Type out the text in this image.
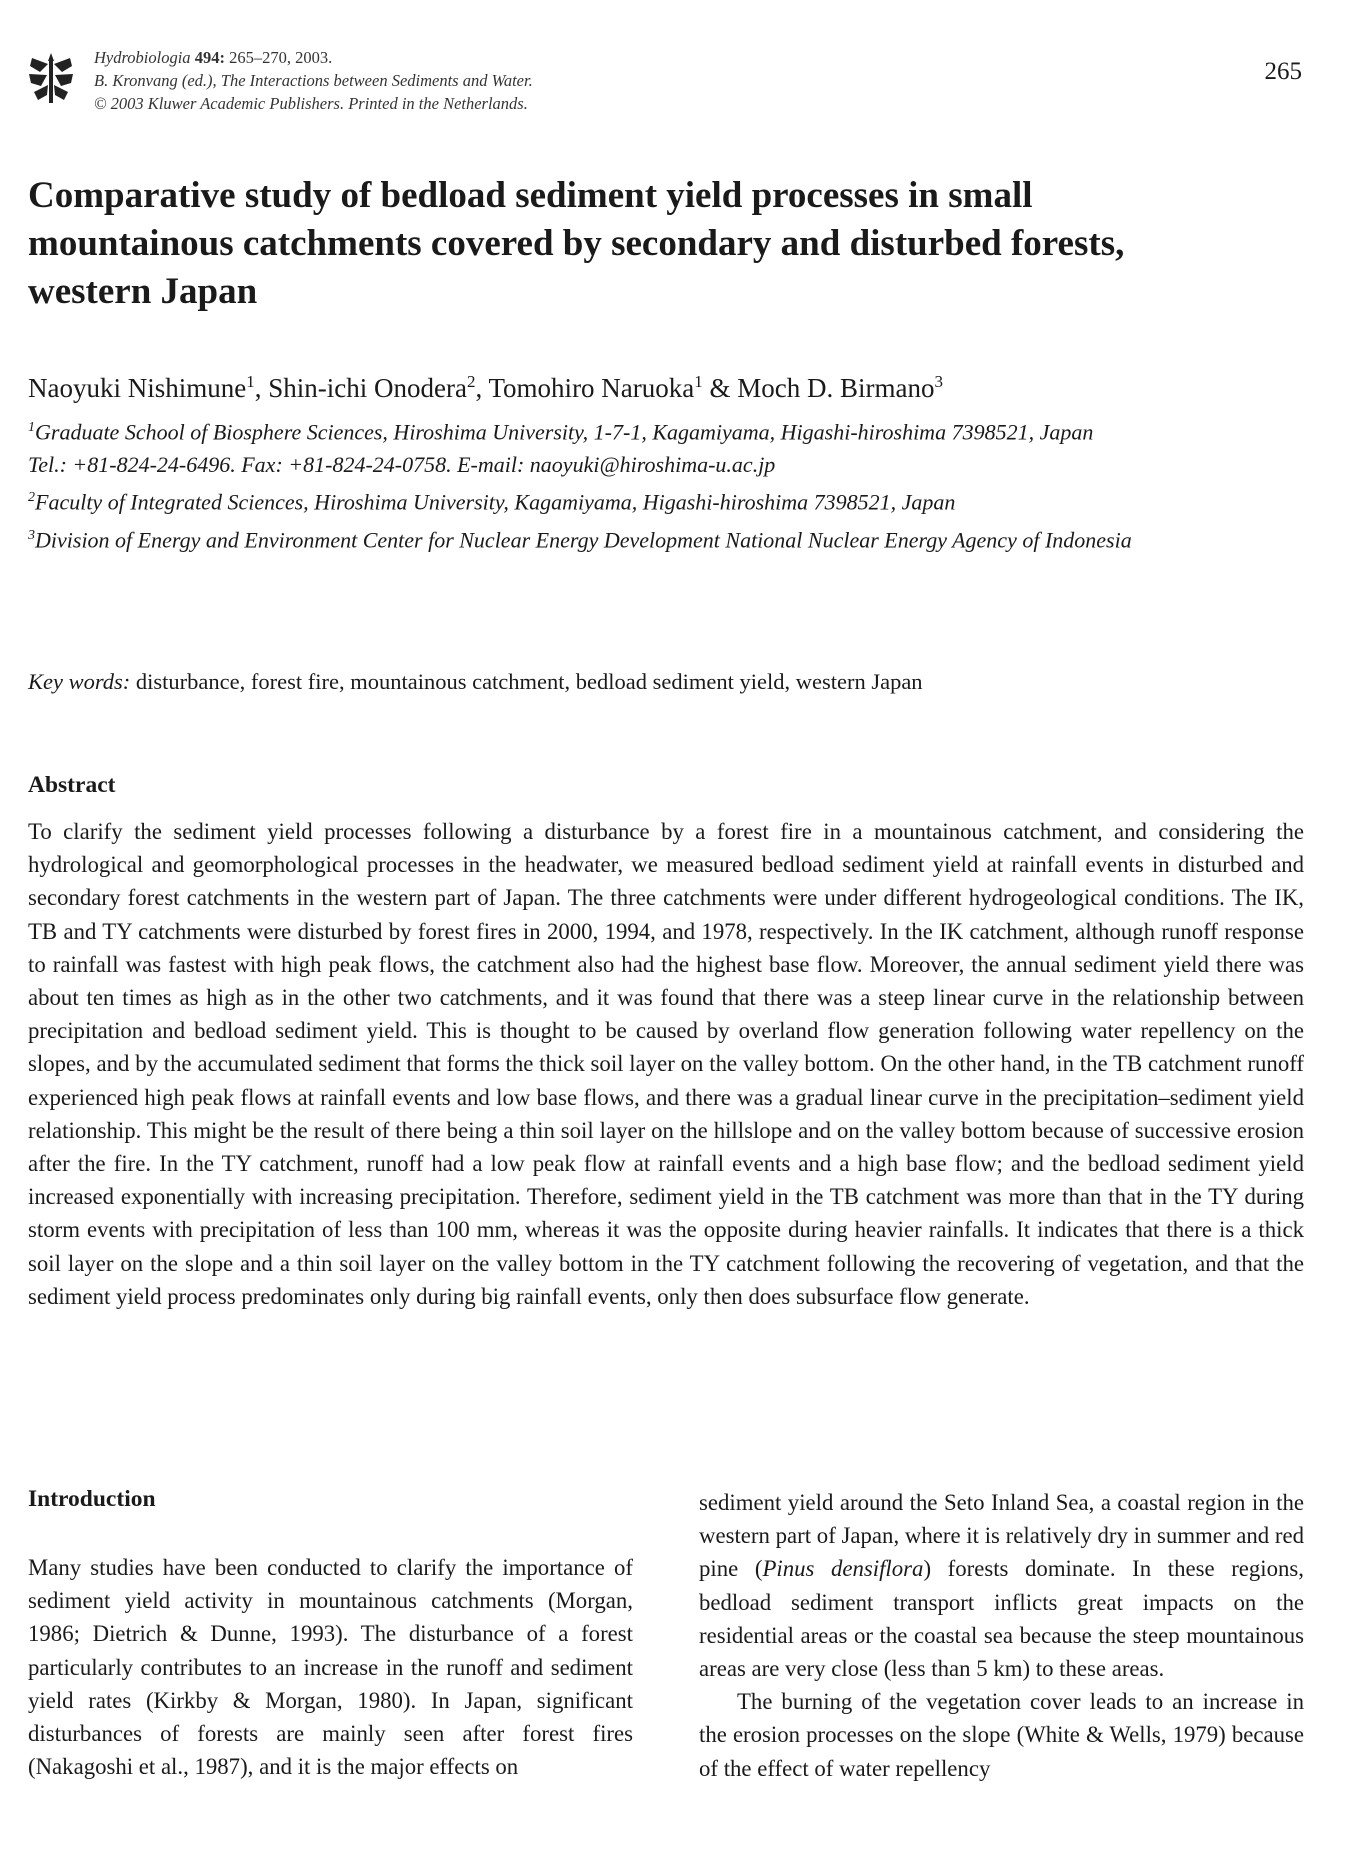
Hydrobiologia 494: 265–270, 2003.
B. Kronvang (ed.), The Interactions between Sediments and Water.
© 2003 Kluwer Academic Publishers. Printed in the Netherlands.
265
Comparative study of bedload sediment yield processes in small mountainous catchments covered by secondary and disturbed forests, western Japan
Naoyuki Nishimune$^1$, Shin-ichi Onodera$^2$, Tomohiro Naruoka$^1$ & Moch D. Birmano$^3$
$^1$Graduate School of Biosphere Sciences, Hiroshima University, 1-7-1, Kagamiyama, Higashi-hiroshima 7398521, Japan
Tel.: +81-824-24-6496. Fax: +81-824-24-0758. E-mail: naoyuki@hiroshima-u.ac.jp
$^2$Faculty of Integrated Sciences, Hiroshima University, Kagamiyama, Higashi-hiroshima 7398521, Japan
$^3$Division of Energy and Environment Center for Nuclear Energy Development National Nuclear Energy Agency of Indonesia
Key words: disturbance, forest fire, mountainous catchment, bedload sediment yield, western Japan
Abstract

To clarify the sediment yield processes following a disturbance by a forest fire in a mountainous catchment, and considering the hydrological and geomorphological processes in the headwater, we measured bedload sediment yield at rainfall events in disturbed and secondary forest catchments in the western part of Japan. The three catchments were under different hydrogeological conditions. The IK, TB and TY catchments were disturbed by forest fires in 2000, 1994, and 1978, respectively. In the IK catchment, although runoff response to rainfall was fastest with high peak flows, the catchment also had the highest base flow. Moreover, the annual sediment yield there was about ten times as high as in the other two catchments, and it was found that there was a steep linear curve in the relationship between precipitation and bedload sediment yield. This is thought to be caused by overland flow generation following water repellency on the slopes, and by the accumulated sediment that forms the thick soil layer on the valley bottom. On the other hand, in the TB catchment runoff experienced high peak flows at rainfall events and low base flows, and there was a gradual linear curve in the precipitation–sediment yield relationship. This might be the result of there being a thin soil layer on the hillslope and on the valley bottom because of successive erosion after the fire. In the TY catchment, runoff had a low peak flow at rainfall events and a high base flow; and the bedload sediment yield increased exponentially with increasing precipitation. Therefore, sediment yield in the TB catchment was more than that in the TY during storm events with precipitation of less than 100 mm, whereas it was the opposite during heavier rainfalls. It indicates that there is a thick soil layer on the slope and a thin soil layer on the valley bottom in the TY catchment following the recovering of vegetation, and that the sediment yield process predominates only during big rainfall events, only then does subsurface flow generate.

Introduction

Many studies have been conducted to clarify the importance of sediment yield activity in mountainous catchments (Morgan, 1986; Dietrich & Dunne, 1993). The disturbance of a forest particularly contributes to an increase in the runoff and sediment yield rates (Kirkby & Morgan, 1980). In Japan, significant disturbances of forests are mainly seen after forest fires (Nakagoshi et al., 1987), and it is the major effects on

sediment yield around the Seto Inland Sea, a coastal region in the western part of Japan, where it is relatively dry in summer and red pine (Pinus densiflora) forests dominate. In these regions, bedload sediment transport inflicts great impacts on the residential areas or the coastal sea because the steep mountainous areas are very close (less than 5 km) to these areas.

The burning of the vegetation cover leads to an increase in the erosion processes on the slope (White & Wells, 1979) because of the effect of water repellency
